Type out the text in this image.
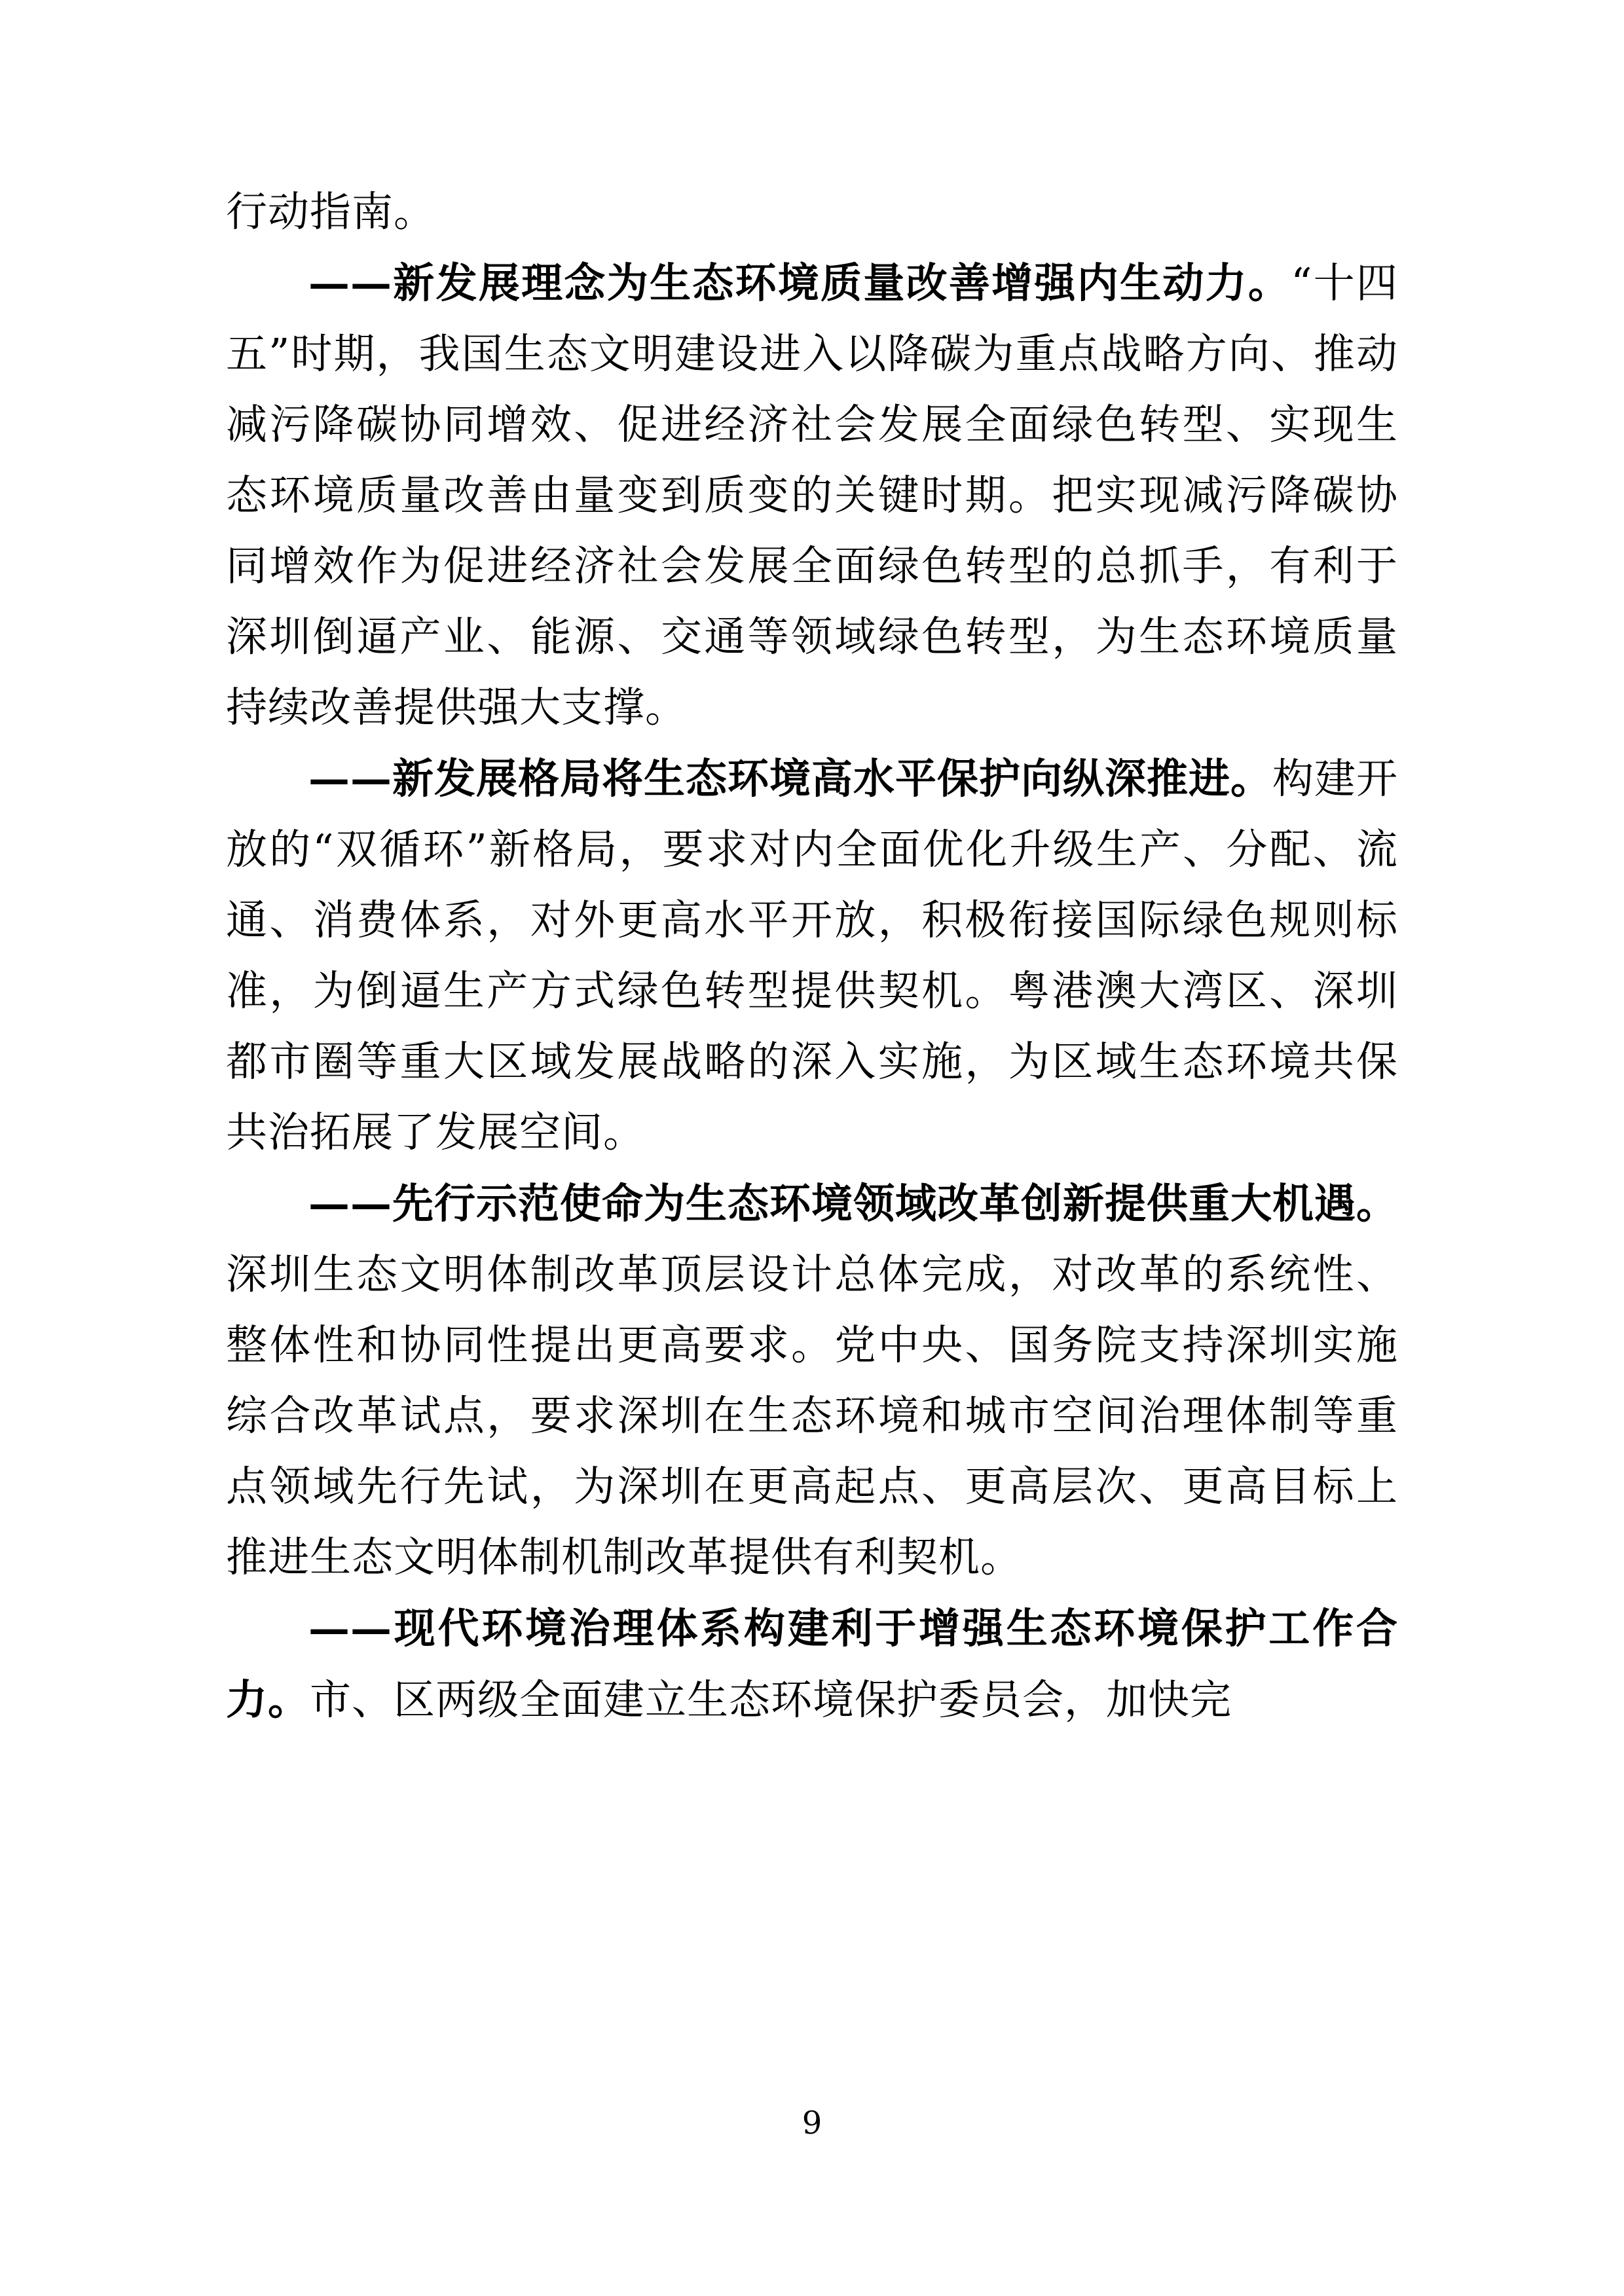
行动指南。

——新发展理念为生态环境质量改善增强内生动力。“十四五”时期，我国生态文明建设进入以降碳为重点战略方向、推动减污降碳协同增效、促进经济社会发展全面绿色转型、实现生态环境质量改善由量变到质变的关键时期。把实现减污降碳协同增效作为促进经济社会发展全面绿色转型的总抓手，有利于深圳倒逼产业、能源、交通等领域绿色转型，为生态环境质量持续改善提供强大支撑。

——新发展格局将生态环境高水平保护向纵深推进。构建开放的“双循环”新格局，要求对内全面优化升级生产、分配、流通、消费体系，对外更高水平开放，积极衔接国际绿色规则标准，为倒逼生产方式绿色转型提供契机。粤港澳大湾区、深圳都市圈等重大区域发展战略的深入实施，为区域生态环境共保共治拓展了发展空间。

——先行示范使命为生态环境领域改革创新提供重大机遇。深圳生态文明体制改革顶层设计总体完成，对改革的系统性、整体性和协同性提出更高要求。党中央、国务院支持深圳实施综合改革试点，要求深圳在生态环境和城市空间治理体制等重点领域先行先试，为深圳在更高起点、更高层次、更高目标上推进生态文明体制机制改革提供有利契机。

——现代环境治理体系构建利于增强生态环境保护工作合力。市、区两级全面建立生态环境保护委员会，加快完

9
